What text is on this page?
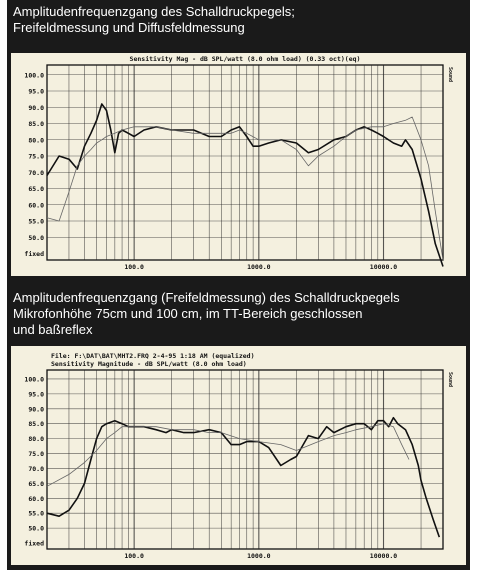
Amplitudenfrequenzgang des Schalldruckpegels;
Freifeldmessung und Diffusfeldmessung
fixed
50.0
55.0
60.0
65.0
70.0
75.0
80.0
85.0
90.0
95.0
100.0
100.0	1000.0	10000.0
Sensitivity Mag - dB SPL/watt (8.0 ohm load) (0.33 oct)(eq)
Sound
Amplitudenfrequenzgang (Freifeldmessung) des Schalldruckpegels
Mikrofonhöhe 75cm und 100 cm, im TT-Bereich geschlossen
und baßreflex
fixed
50.0
55.0
60.0
65.0
70.0
75.0
80.0
85.0
90.0
95.0
100.0
100.0	1000.0	10000.0
File: F:\DAT\BAT\MHT2.FRQ 2-4-95 1:18 AM (equalized)
Sensitivity Magnitude - dB SPL/watt (8.0 ohm load)
Sound
